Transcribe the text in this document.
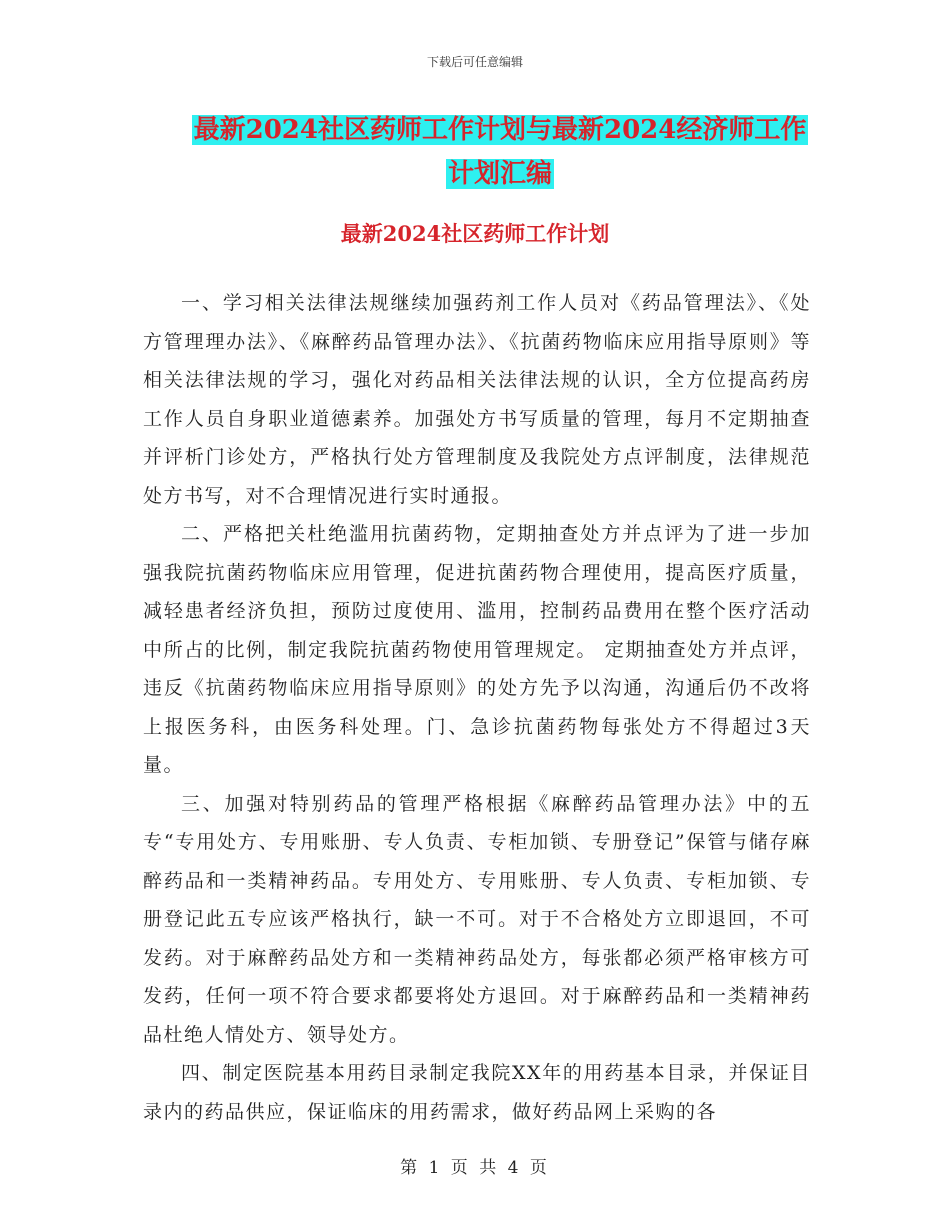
下载后可任意编辑
最新2024社区药师工作计划与最新2024经济师工作
计划汇编
最新2024社区药师工作计划

一、学习相关法律法规继续加强药剂工作人员对《药品管理法》、《处方管理理办法》、《麻醉药品管理办法》、《抗菌药物临床应用指导原则》等相关法律法规的学习，强化对药品相关法律法规的认识，全方位提高药房工作人员自身职业道德素养。加强处方书写质量的管理，每月不定期抽查并评析门诊处方，严格执行处方管理制度及我院处方点评制度，法律规范处方书写，对不合理情况进行实时通报。

二、严格把关杜绝滥用抗菌药物，定期抽查处方并点评为了进一步加强我院抗菌药物临床应用管理，促进抗菌药物合理使用，提高医疗质量，减轻患者经济负担，预防过度使用、滥用，控制药品费用在整个医疗活动中所占的比例，制定我院抗菌药物使用管理规定。 定期抽查处方并点评，违反《抗菌药物临床应用指导原则》的处方先予以沟通，沟通后仍不改将上报医务科，由医务科处理。门、急诊抗菌药物每张处方不得超过3天量。

三、加强对特别药品的管理严格根据《麻醉药品管理办法》中的五专“专用处方、专用账册、专人负责、专柜加锁、专册登记”保管与储存麻醉药品和一类精神药品。专用处方、专用账册、专人负责、专柜加锁、专册登记此五专应该严格执行，缺一不可。对于不合格处方立即退回，不可发药。对于麻醉药品处方和一类精神药品处方，每张都必须严格审核方可发药，任何一项不符合要求都要将处方退回。对于麻醉药品和一类精神药品杜绝人情处方、领导处方。

四、制定医院基本用药目录制定我院XX年的用药基本目录，并保证目录内的药品供应，保证临床的用药需求，做好药品网上采购的各

第 1 页 共 4 页
